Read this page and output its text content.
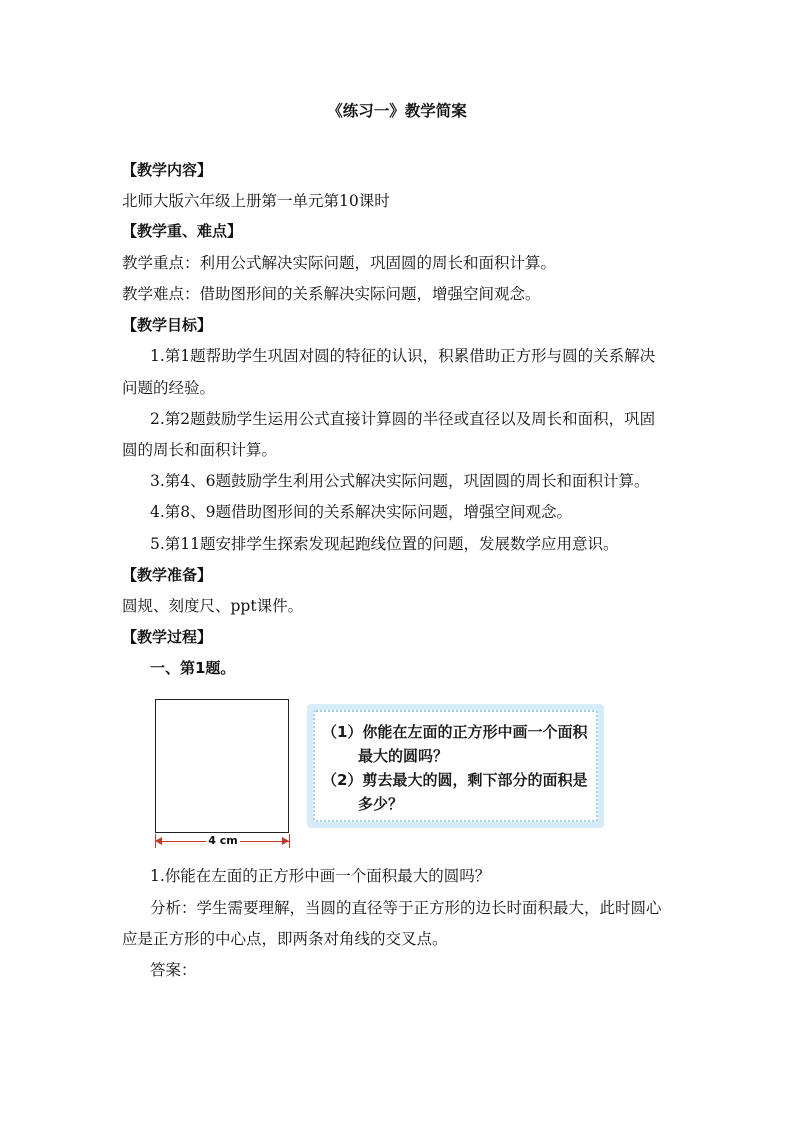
《练习一》教学简案
【教学内容】
北师大版六年级上册第一单元第10课时
【教学重、难点】
教学重点：利用公式解决实际问题，巩固圆的周长和面积计算。
教学难点：借助图形间的关系解决实际问题，增强空间观念。
【教学目标】
1.第1题帮助学生巩固对圆的特征的认识，积累借助正方形与圆的关系解决
问题的经验。
2.第2题鼓励学生运用公式直接计算圆的半径或直径以及周长和面积，巩固
圆的周长和面积计算。
3.第4、6题鼓励学生利用公式解决实际问题，巩固圆的周长和面积计算。
4.第8、9题借助图形间的关系解决实际问题，增强空间观念。
5.第11题安排学生探索发现起跑线位置的问题，发展数学应用意识。
【教学准备】
圆规、刻度尺、ppt课件。
【教学过程】
一、第1题。
4 cm
（1）你能在左面的正方形中画一个面积
最大的圆吗？
（2）剪去最大的圆，剩下部分的面积是
多少？
1.你能在左面的正方形中画一个面积最大的圆吗？
分析：学生需要理解，当圆的直径等于正方形的边长时面积最大，此时圆心
应是正方形的中心点，即两条对角线的交叉点。
答案：
